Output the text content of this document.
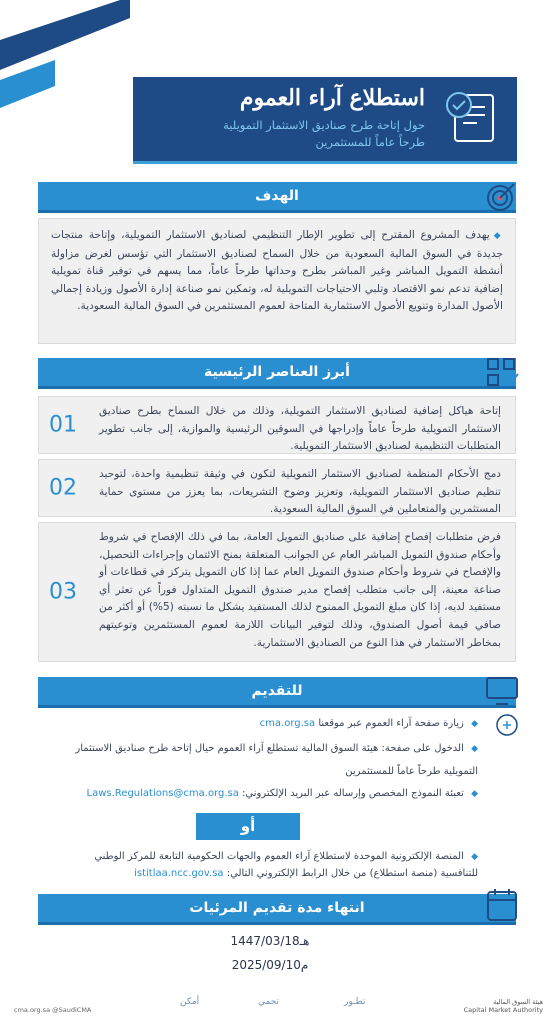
استطلاع آراء العموم
حول إتاحة طرح صناديق الاستثمار التمويلية
طرحاً عاماً للمستثمرين
الهدف
◆يهدف المشروع المقترح إلى تطوير الإطار التنظيمي لصناديق الاستثمار التمويلية، وإتاحة منتجات جديدة في السوق المالية السعودية من خلال السماح لصناديق الاستثمار التي تؤسس لغرض مزاولة أنشطة التمويل المباشر وغير المباشر بطرح وحداتها طرحاً عاماً، مما يسهم في توفير قناة تمويلية إضافية تدعم نمو الاقتصاد وتلبي الاحتياجات التمويلية له، وتمكين نمو صناعة إدارة الأصول وزيادة إجمالي الأصول المدارة وتنويع الأصول الاستثمارية المتاحة لعموم المستثمرين في السوق المالية السعودية.
أبرز العناصر الرئيسية
01
إتاحة هياكل إضافية لصناديق الاستثمار التمويلية، وذلك من خلال السماح بطرح صناديق الاستثمار التمويلية طرحاً عاماً وإدراجها في السوقين الرئيسية والموازية، إلى جانب تطوير المتطلبات التنظيمية لصناديق الاستثمار التمويلية.
02
دمج الأحكام المنظمة لصناديق الاستثمار التمويلية لتكون في وثيقة تنظيمية واحدة، لتوحيد تنظيم صناديق الاستثمار التمويلية، وتعزيز وضوح التشريعات، بما يعزز من مستوى حماية المستثمرين والمتعاملين في السوق المالية السعودية.
03
فرض متطلبات إفصاح إضافية على صناديق التمويل العامة، بما في ذلك الإفصاح في شروط وأحكام صندوق التمويل المباشر العام عن الجوانب المتعلقة بمنح الائتمان وإجراءات التحصيل، والإفصاح في شروط وأحكام صندوق التمويل العام عما إذا كان التمويل يتركز في قطاعات أو صناعة معينة، إلى جانب متطلب إفصاح مدير صندوق التمويل المتداول فوراً عن تعثر أي مستفيد لديه، إذا كان مبلغ التمويل الممنوح لذلك المستفيد يشكل ما نسبته (5%) أو أكثر من صافي قيمة أصول الصندوق، وذلك لتوفير البيانات اللازمة لعموم المستثمرين وتوعيتهم بمخاطر الاستثمار في هذا النوع من الصناديق الاستثمارية.
للتقديم
◆ زيارة صفحة آراء العموم عبر موقعنا cma.org.sa
◆ الدخول على صفحة: هيئة السوق المالية تستطلع آراء العموم حيال إتاحة طرح صناديق الاستثمار
التمويلية طرحاً عاماً للمستثمرين
◆ تعبئة النموذج المخصص وإرساله عبر البريد الإلكتروني: Laws.Regulations@cma.org.sa
أو
◆ المنصة الإلكترونية الموحدة لاستطلاع آراء العموم والجهات الحكومية التابعة للمركز الوطني
للتنافسية (منصة استطلاع) من خلال الرابط الإلكتروني التالي: istitlaa.ncc.gov.sa
انتهاء مدة تقديم المرئيات
1447/03/18هـ
2025/09/10م
cma.org.sa @SaudiCMA
أمكن	تحمي	تطـور	هيئة السوق المالية
Capital Market Authority
